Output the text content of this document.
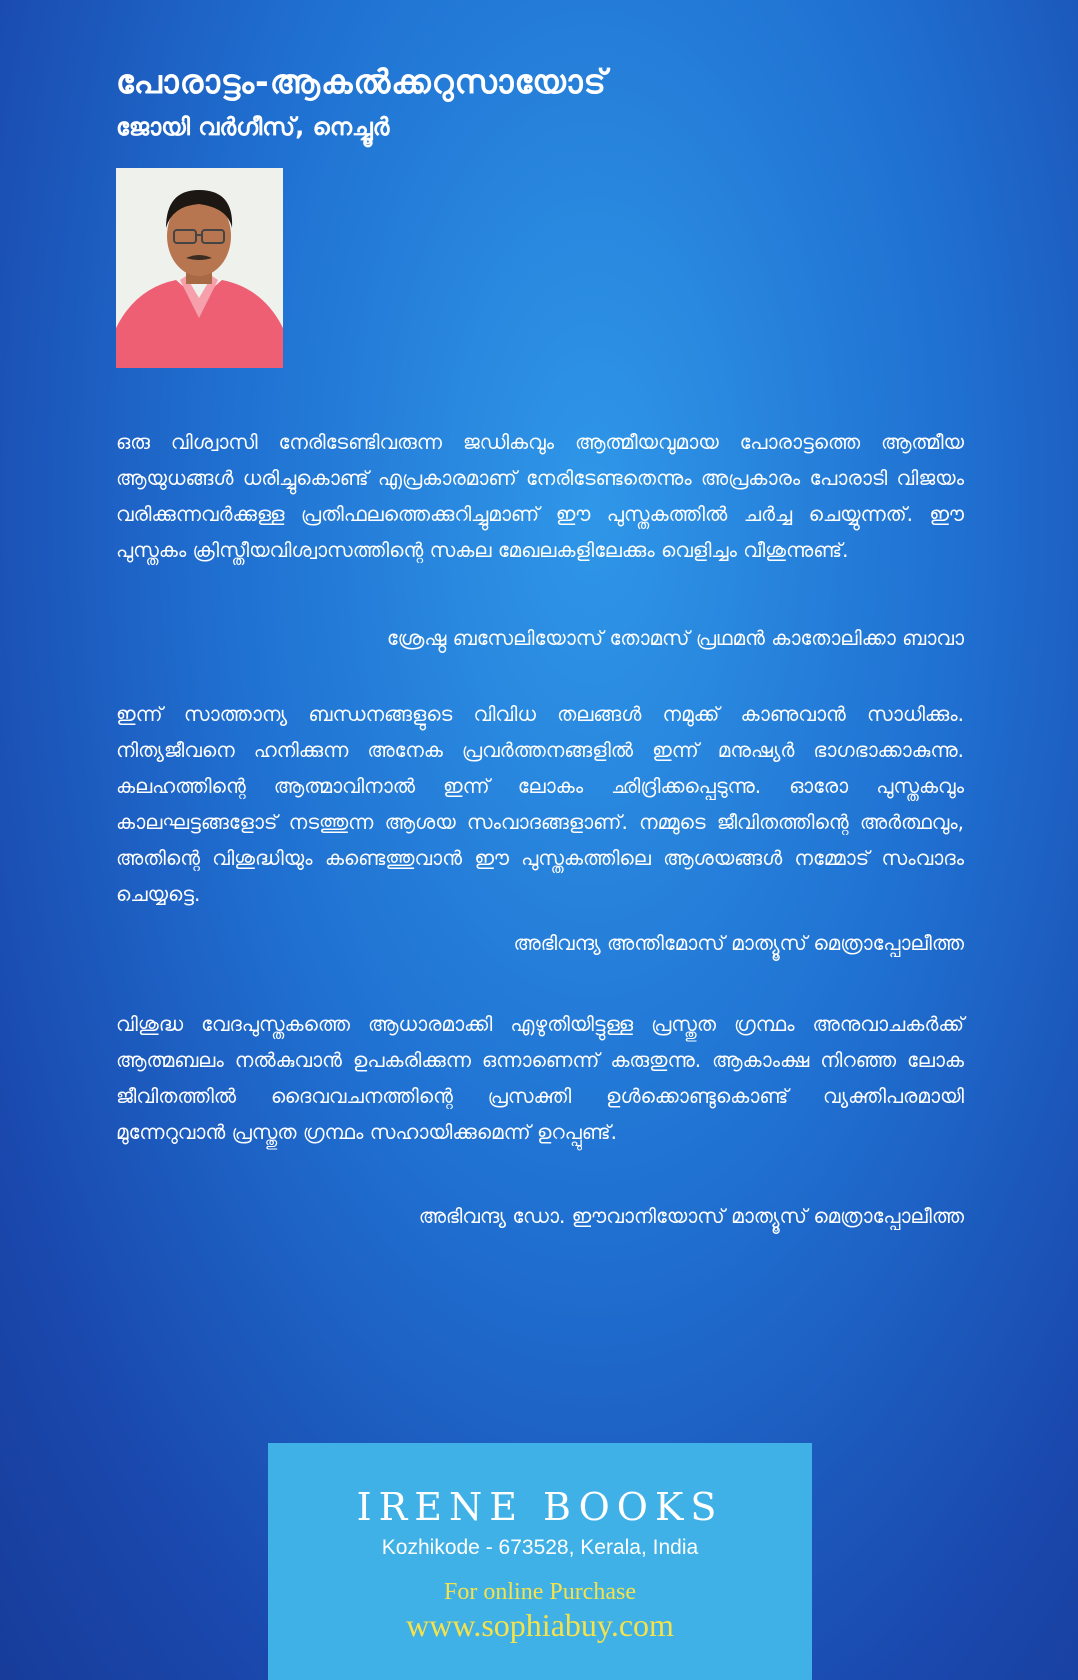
പോരാട്ടം-ആകൽക്കറുസായോട്
ജോയി വർഗീസ്, നെച്ചൂർ

ഒരു വിശ്വാസി നേരിടേണ്ടിവരുന്ന ജഡികവും ആത്മീയവുമായ പോരാട്ടത്തെ ആത്മീയ ആയുധങ്ങൾ ധരിച്ചുകൊണ്ട് എപ്രകാരമാണ് നേരിടേണ്ടതെന്നും അപ്രകാരം പോരാടി വിജയം വരിക്കുന്നവർക്കുള്ള പ്രതിഫലത്തെക്കുറിച്ചുമാണ് ഈ പുസ്തകത്തിൽ ചർച്ച ചെയ്യുന്നത്. ഈ പുസ്തകം ക്രിസ്തീയവിശ്വാസത്തിന്റെ സകല മേഖലകളിലേക്കും വെളിച്ചം വീശുന്നുണ്ട്.

ശ്രേഷ്ഠ ബസേലിയോസ് തോമസ് പ്രഥമൻ കാതോലിക്കാ ബാവാ

ഇന്ന് സാത്താന്യ ബന്ധനങ്ങളുടെ വിവിധ തലങ്ങൾ നമുക്ക് കാണുവാൻ സാധിക്കും. നിത്യജീവനെ ഹനിക്കുന്ന അനേക പ്രവർത്തനങ്ങളിൽ ഇന്ന് മനുഷ്യർ ഭാഗഭാക്കാകുന്നു. കലഹത്തിന്റെ ആത്മാവിനാൽ ഇന്ന് ലോകം ഛിദ്രിക്കപ്പെടുന്നു. ഓരോ പുസ്തകവും കാലഘട്ടങ്ങളോട് നടത്തുന്ന ആശയ സംവാദങ്ങളാണ്. നമ്മുടെ ജീവിതത്തിന്റെ അർത്ഥവും, അതിന്റെ വിശുദ്ധിയും കണ്ടെത്തുവാൻ ഈ പുസ്തകത്തിലെ ആശയങ്ങൾ നമ്മോട് സംവാദം ചെയ്യട്ടെ.

അഭിവന്ദ്യ അന്തിമോസ് മാത്യൂസ് മെത്രാപ്പോലീത്ത

വിശുദ്ധ വേദപുസ്തകത്തെ ആധാരമാക്കി എഴുതിയിട്ടുള്ള പ്രസ്തുത ഗ്രന്ഥം അനുവാചകർക്ക് ആത്മബലം നൽകുവാൻ ഉപകരിക്കുന്ന ഒന്നാണെന്ന് കരുതുന്നു. ആകാംക്ഷ നിറഞ്ഞ ലോക ജീവിതത്തിൽ ദൈവവചനത്തിന്റെ പ്രസക്തി ഉൾക്കൊണ്ടുകൊണ്ട് വ്യക്തിപരമായി മുന്നേറുവാൻ പ്രസ്തുത ഗ്രന്ഥം സഹായിക്കുമെന്ന് ഉറപ്പുണ്ട്.

അഭിവന്ദ്യ ഡോ. ഈവാനിയോസ് മാത്യൂസ് മെത്രാപ്പോലീത്ത

IRENE BOOKS

Kozhikode - 673528, Kerala, India

For online Purchase

www.sophiabuy.com
